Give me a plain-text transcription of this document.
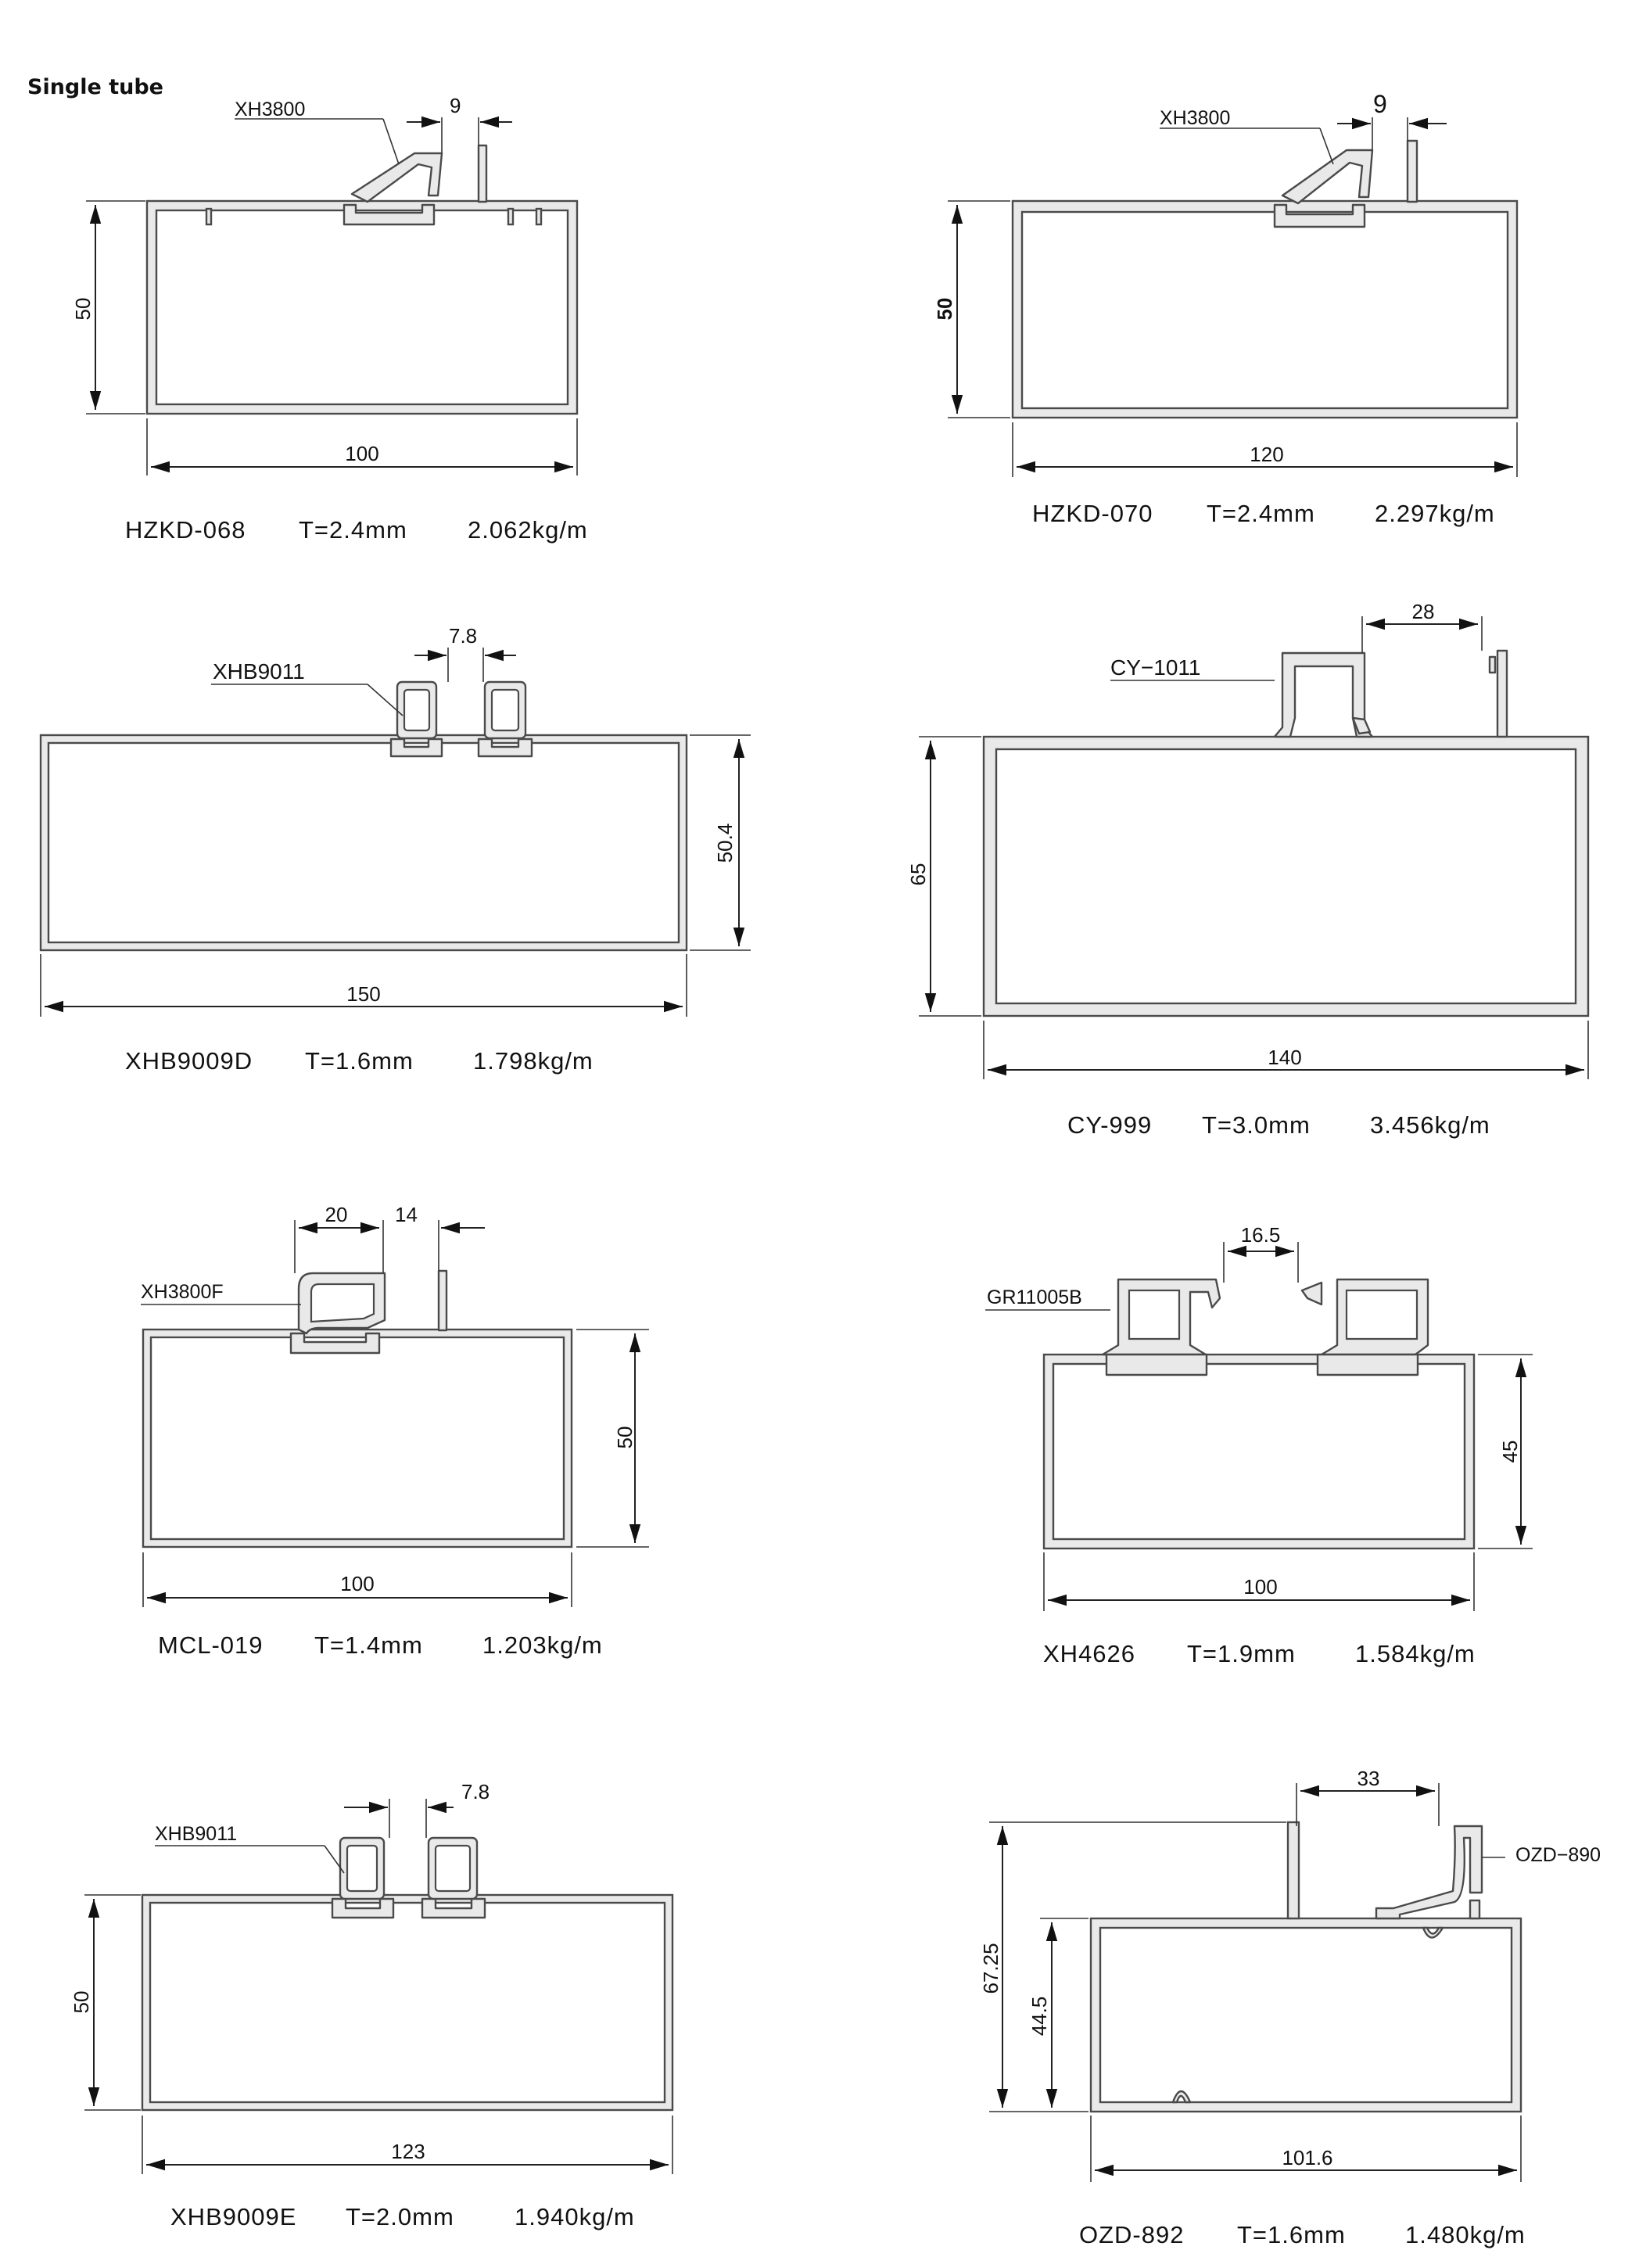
Single tube
XH3800	9
50
100
HZKD-068 T=2.4mm 2.062kg/m
XH3800	9
50
120
HZKD-070 T=2.4mm 2.297kg/m
XHB9011
7.8
50.4
150
XHB9009D T=1.6mm 1.798kg/m
CY−1011
28
65
140
CY-999 T=3.0mm 3.456kg/m
XH3800F
20 14
50
100
MCL-019 T=1.4mm 1.203kg/m
GR11005B
16.5
45
100
XH4626 T=1.9mm 1.584kg/m
XHB9011
7.8
50
123
XHB9009E T=2.0mm 1.940kg/m
OZD−890
33
67.25
44.5
101.6
OZD-892 T=1.6mm 1.480kg/m
